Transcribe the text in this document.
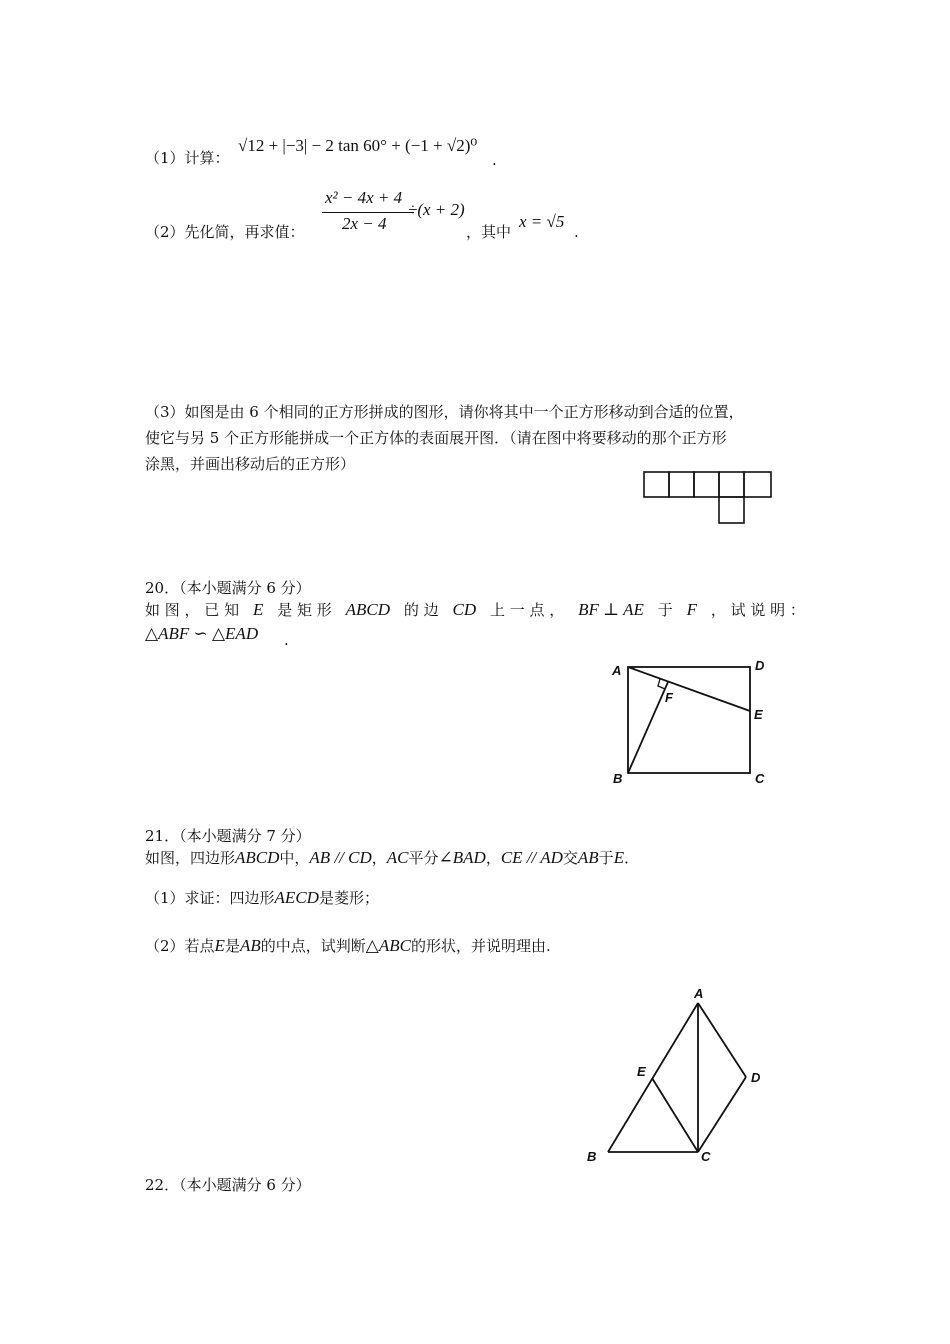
（1）计算：
√12 + |−3| − 2 tan 60° + (−1 + √2)⁰
.
（2）先化简，再求值：
x² − 4x + 4
2x − 4
÷(x + 2)
，其中
x = √5
.
（3）如图是由 6 个相同的正方形拼成的图形，请你将其中一个正方形移动到合适的位置，
使它与另 5 个正方形能拼成一个正方体的表面展开图．（请在图中将要移动的那个正方形
涂黑，并画出移动后的正方形）
20．（本小题满分 6 分）
如 图 ， 已 知 E 是 矩 形 ABCD 的 边 CD 上 一 点 ， BF ⊥ AE 于 F ， 试 说 明 ：
△ABF ∽ △EAD .
A	D
F
E
B	C
21．（本小题满分 7 分）
如图，四边形ABCD中，AB // CD，AC平分∠BAD，CE // AD交AB于E．
（1）求证：四边形AECD是菱形；
（2）若点E是AB的中点，试判断△ABC的形状，并说明理由.
A
E	D
B	C
22．（本小题满分 6 分）
